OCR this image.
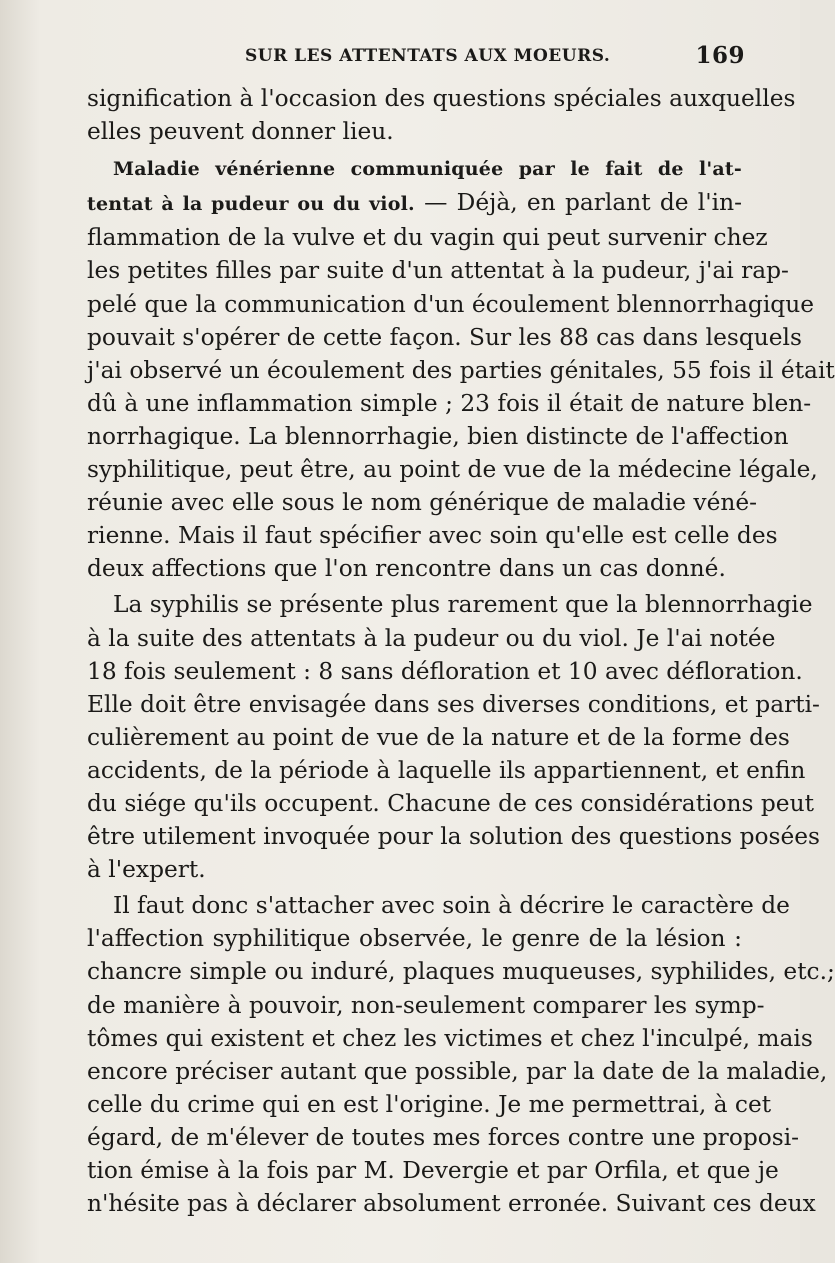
SUR LES ATTENTATS AUX MOEURS.	169
signification à l'occasion des questions spéciales auxquelles
elles peuvent donner lieu.
Maladie vénérienne communiquée par le fait de l'at-
tentat à la pudeur ou du viol. — Déjà, en parlant de l'in-
flammation de la vulve et du vagin qui peut survenir chez
les petites filles par suite d'un attentat à la pudeur, j'ai rap-
pelé que la communication d'un écoulement blennorrhagique
pouvait s'opérer de cette façon. Sur les 88 cas dans lesquels
j'ai observé un écoulement des parties génitales, 55 fois il était
dû à une inflammation simple ; 23 fois il était de nature blen-
norrhagique. La blennorrhagie, bien distincte de l'affection
syphilitique, peut être, au point de vue de la médecine légale,
réunie avec elle sous le nom générique de maladie véné-
rienne. Mais il faut spécifier avec soin qu'elle est celle des
deux affections que l'on rencontre dans un cas donné.
La syphilis se présente plus rarement que la blennorrhagie
à la suite des attentats à la pudeur ou du viol. Je l'ai notée
18 fois seulement : 8 sans défloration et 10 avec défloration.
Elle doit être envisagée dans ses diverses conditions, et parti-
culièrement au point de vue de la nature et de la forme des
accidents, de la période à laquelle ils appartiennent, et enfin
du siége qu'ils occupent. Chacune de ces considérations peut
être utilement invoquée pour la solution des questions posées
à l'expert.
Il faut donc s'attacher avec soin à décrire le caractère de
l'affection syphilitique observée, le genre de la lésion :
chancre simple ou induré, plaques muqueuses, syphilides, etc.;
de manière à pouvoir, non-seulement comparer les symp-
tômes qui existent et chez les victimes et chez l'inculpé, mais
encore préciser autant que possible, par la date de la maladie,
celle du crime qui en est l'origine. Je me permettrai, à cet
égard, de m'élever de toutes mes forces contre une proposi-
tion émise à la fois par M. Devergie et par Orfila, et que je
n'hésite pas à déclarer absolument erronée. Suivant ces deux
